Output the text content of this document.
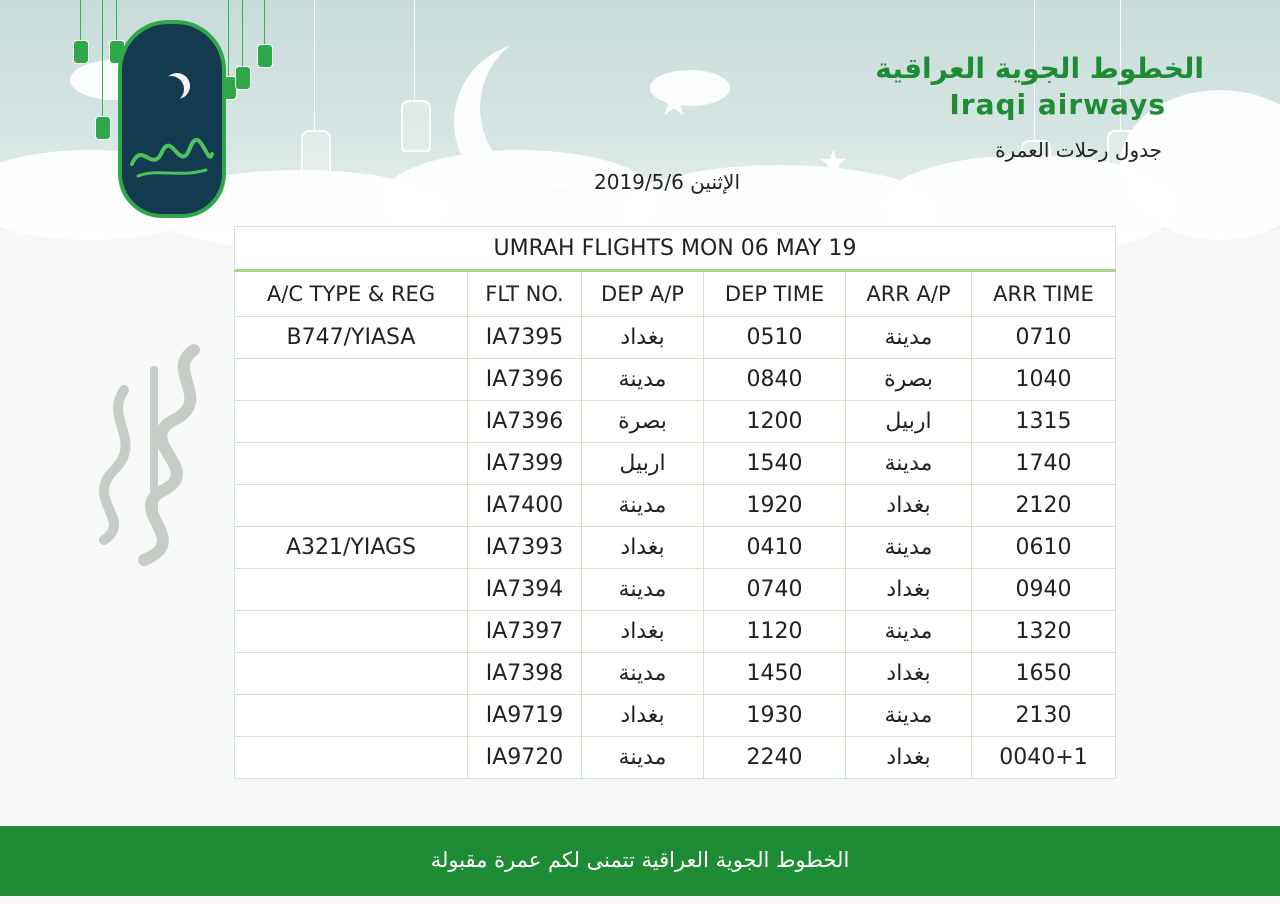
★
★
★
الخطوط الجوية العراقية
Iraqi airways
جدول رحلات العمرة
الإثنين 2019/5/6
UMRAH FLIGHTS MON 06 MAY 19					
A/C TYPE & REG	FLT NO.	DEP A/P	DEP TIME	ARR A/P	ARR TIME
B747/YIASA	IA7395	بغداد	0510	مدينة	0710
	IA7396	مدينة	0840	بصرة	1040
	IA7396	بصرة	1200	اربيل	1315
	IA7399	اربيل	1540	مدينة	1740
	IA7400	مدينة	1920	بغداد	2120
A321/YIAGS	IA7393	بغداد	0410	مدينة	0610
	IA7394	مدينة	0740	بغداد	0940
	IA7397	بغداد	1120	مدينة	1320
	IA7398	مدينة	1450	بغداد	1650
	IA9719	بغداد	1930	مدينة	2130
	IA9720	مدينة	2240	بغداد	0040+1
الخطوط الجوية العراقية تتمنى لكم عمرة مقبولة
